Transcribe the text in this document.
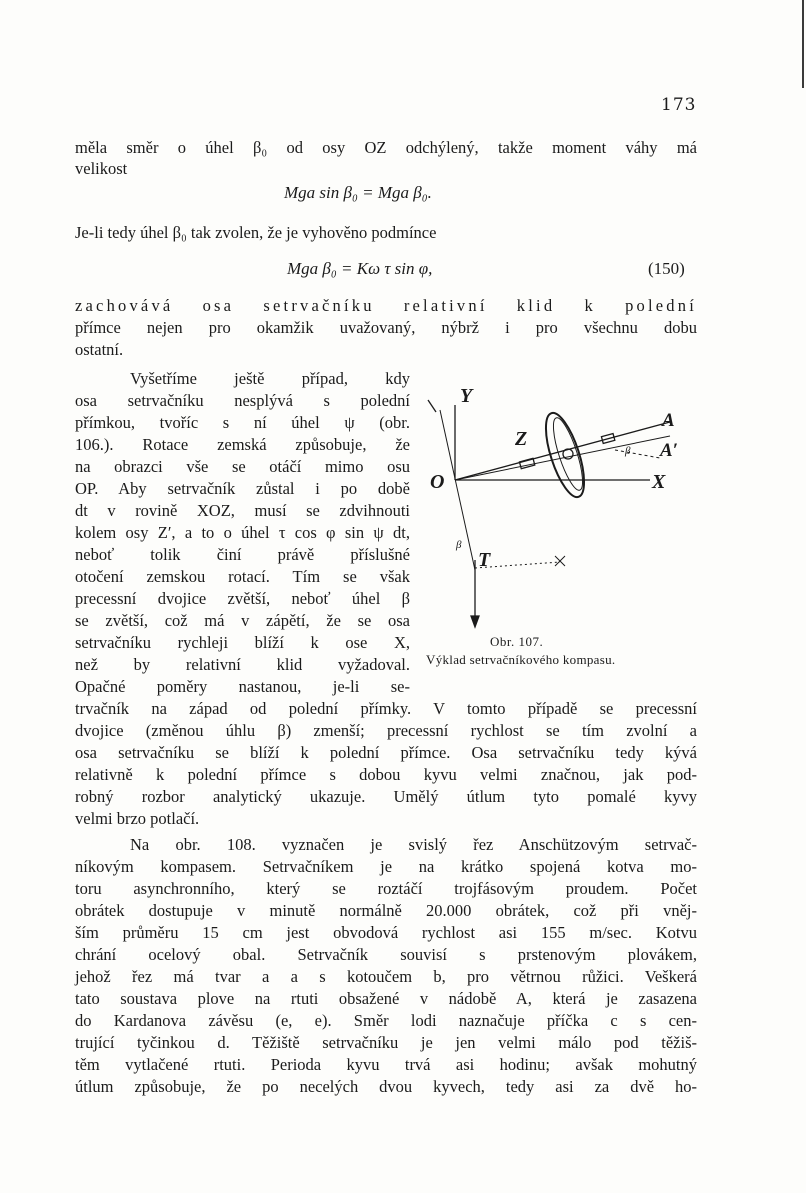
173
měla směr o úhel β₀ od osy OZ odchýlený, takže moment váhy má
velikost
Mga sin β₀ = Mga β₀.
Je-li tedy úhel β₀ tak zvolen, že je vyhověno podmínce
Mga β₀ = Kω τ sin φ,	(150)
zachovává osa setrvačníku relativní klid k polední
přímce nejen pro okamžik uvažovaný, nýbrž i pro všechnu dobu
ostatní.
Vyšetříme ještě případ, kdy
osa setrvačníku nesplývá s polední
přímkou, tvoříc s ní úhel ψ (obr.
106.). Rotace zemská způsobuje, že
na obrazci vše se otáčí mimo osu
OP. Aby setrvačník zůstal i po době
dt v rovině XOZ, musí se zdvihnouti
kolem osy Z′, a to o úhel τ cos φ sin ψ dt,
neboť tolik činí právě příslušné
otočení zemskou rotací. Tím se však
precessní dvojice zvětší, neboť úhel β
se zvětší, což má v zápětí, že se osa
setrvačníku rychleji blíží k ose X,
než by relativní klid vyžadoval.
Opačné poměry nastanou, je-li se-
trvačník na západ od polední přímky. V tomto případě se precessní
dvojice (změnou úhlu β) zmenší; precessní rychlost se tím zvolní a
osa setrvačníku se blíží k polední přímce. Osa setrvačníku tedy kývá
relativně k polední přímce s dobou kyvu velmi značnou, jak pod-
robný rozbor analytický ukazuje. Umělý útlum tyto pomalé kyvy
velmi brzo potlačí.
Na obr. 108. vyznačen je svislý řez Anschützovým setrvač-
níkovým kompasem. Setrvačníkem je na krátko spojená kotva mo-
toru asynchronního, který se roztáčí trojfásovým proudem. Počet
obrátek dostupuje v minutě normálně 20.000 obrátek, což při vněj-
ším průměru 15 cm jest obvodová rychlost asi 155 m/sec. Kotvu
chrání ocelový obal. Setrvačník souvisí s prstenovým plovákem,
jehož řez má tvar a a s kotoučem b, pro větrnou růžici. Veškerá
tato soustava plove na rtuti obsažené v nádobě A, která je zasazena
do Kardanova závěsu (e, e). Směr lodi naznačuje příčka c s cen-
trující tyčinkou d. Těžiště setrvačníku je jen velmi málo pod těžiš-
těm vytlačené rtuti. Perioda kyvu trvá asi hodinu; avšak mohutný
útlum způsobuje, že po necelých dvou kyvech, tedy asi za dvě ho-
Y
Z
A
A′
O	X
T
β
β
Obr. 107.
Výklad setrvačníkového kompasu.
